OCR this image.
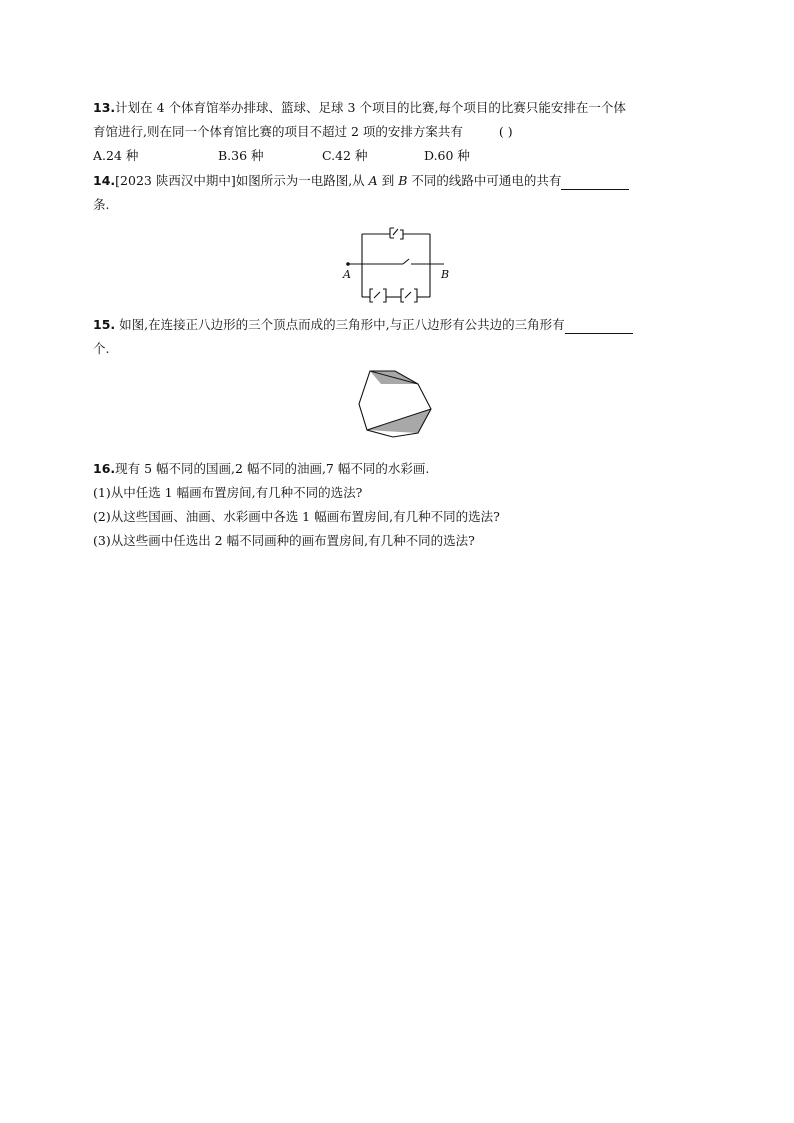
13.计划在 4 个体育馆举办排球、篮球、足球 3 个项目的比赛,每个项目的比赛只能安排在一个体
育馆进行,则在同一个体育馆比赛的项目不超过 2 项的安排方案共有	( )
A.24 种	B.36 种	C.42 种	D.60 种
14.[2023 陕西汉中期中]如图所示为一电路图,从 A 到 B 不同的线路中可通电的共有
条.
A	B
15. 如图,在连接正八边形的三个顶点而成的三角形中,与正八边形有公共边的三角形有
个.
16.现有 5 幅不同的国画,2 幅不同的油画,7 幅不同的水彩画.
(1)从中任选 1 幅画布置房间,有几种不同的选法?
(2)从这些国画、油画、水彩画中各选 1 幅画布置房间,有几种不同的选法?
(3)从这些画中任选出 2 幅不同画种的画布置房间,有几种不同的选法?
